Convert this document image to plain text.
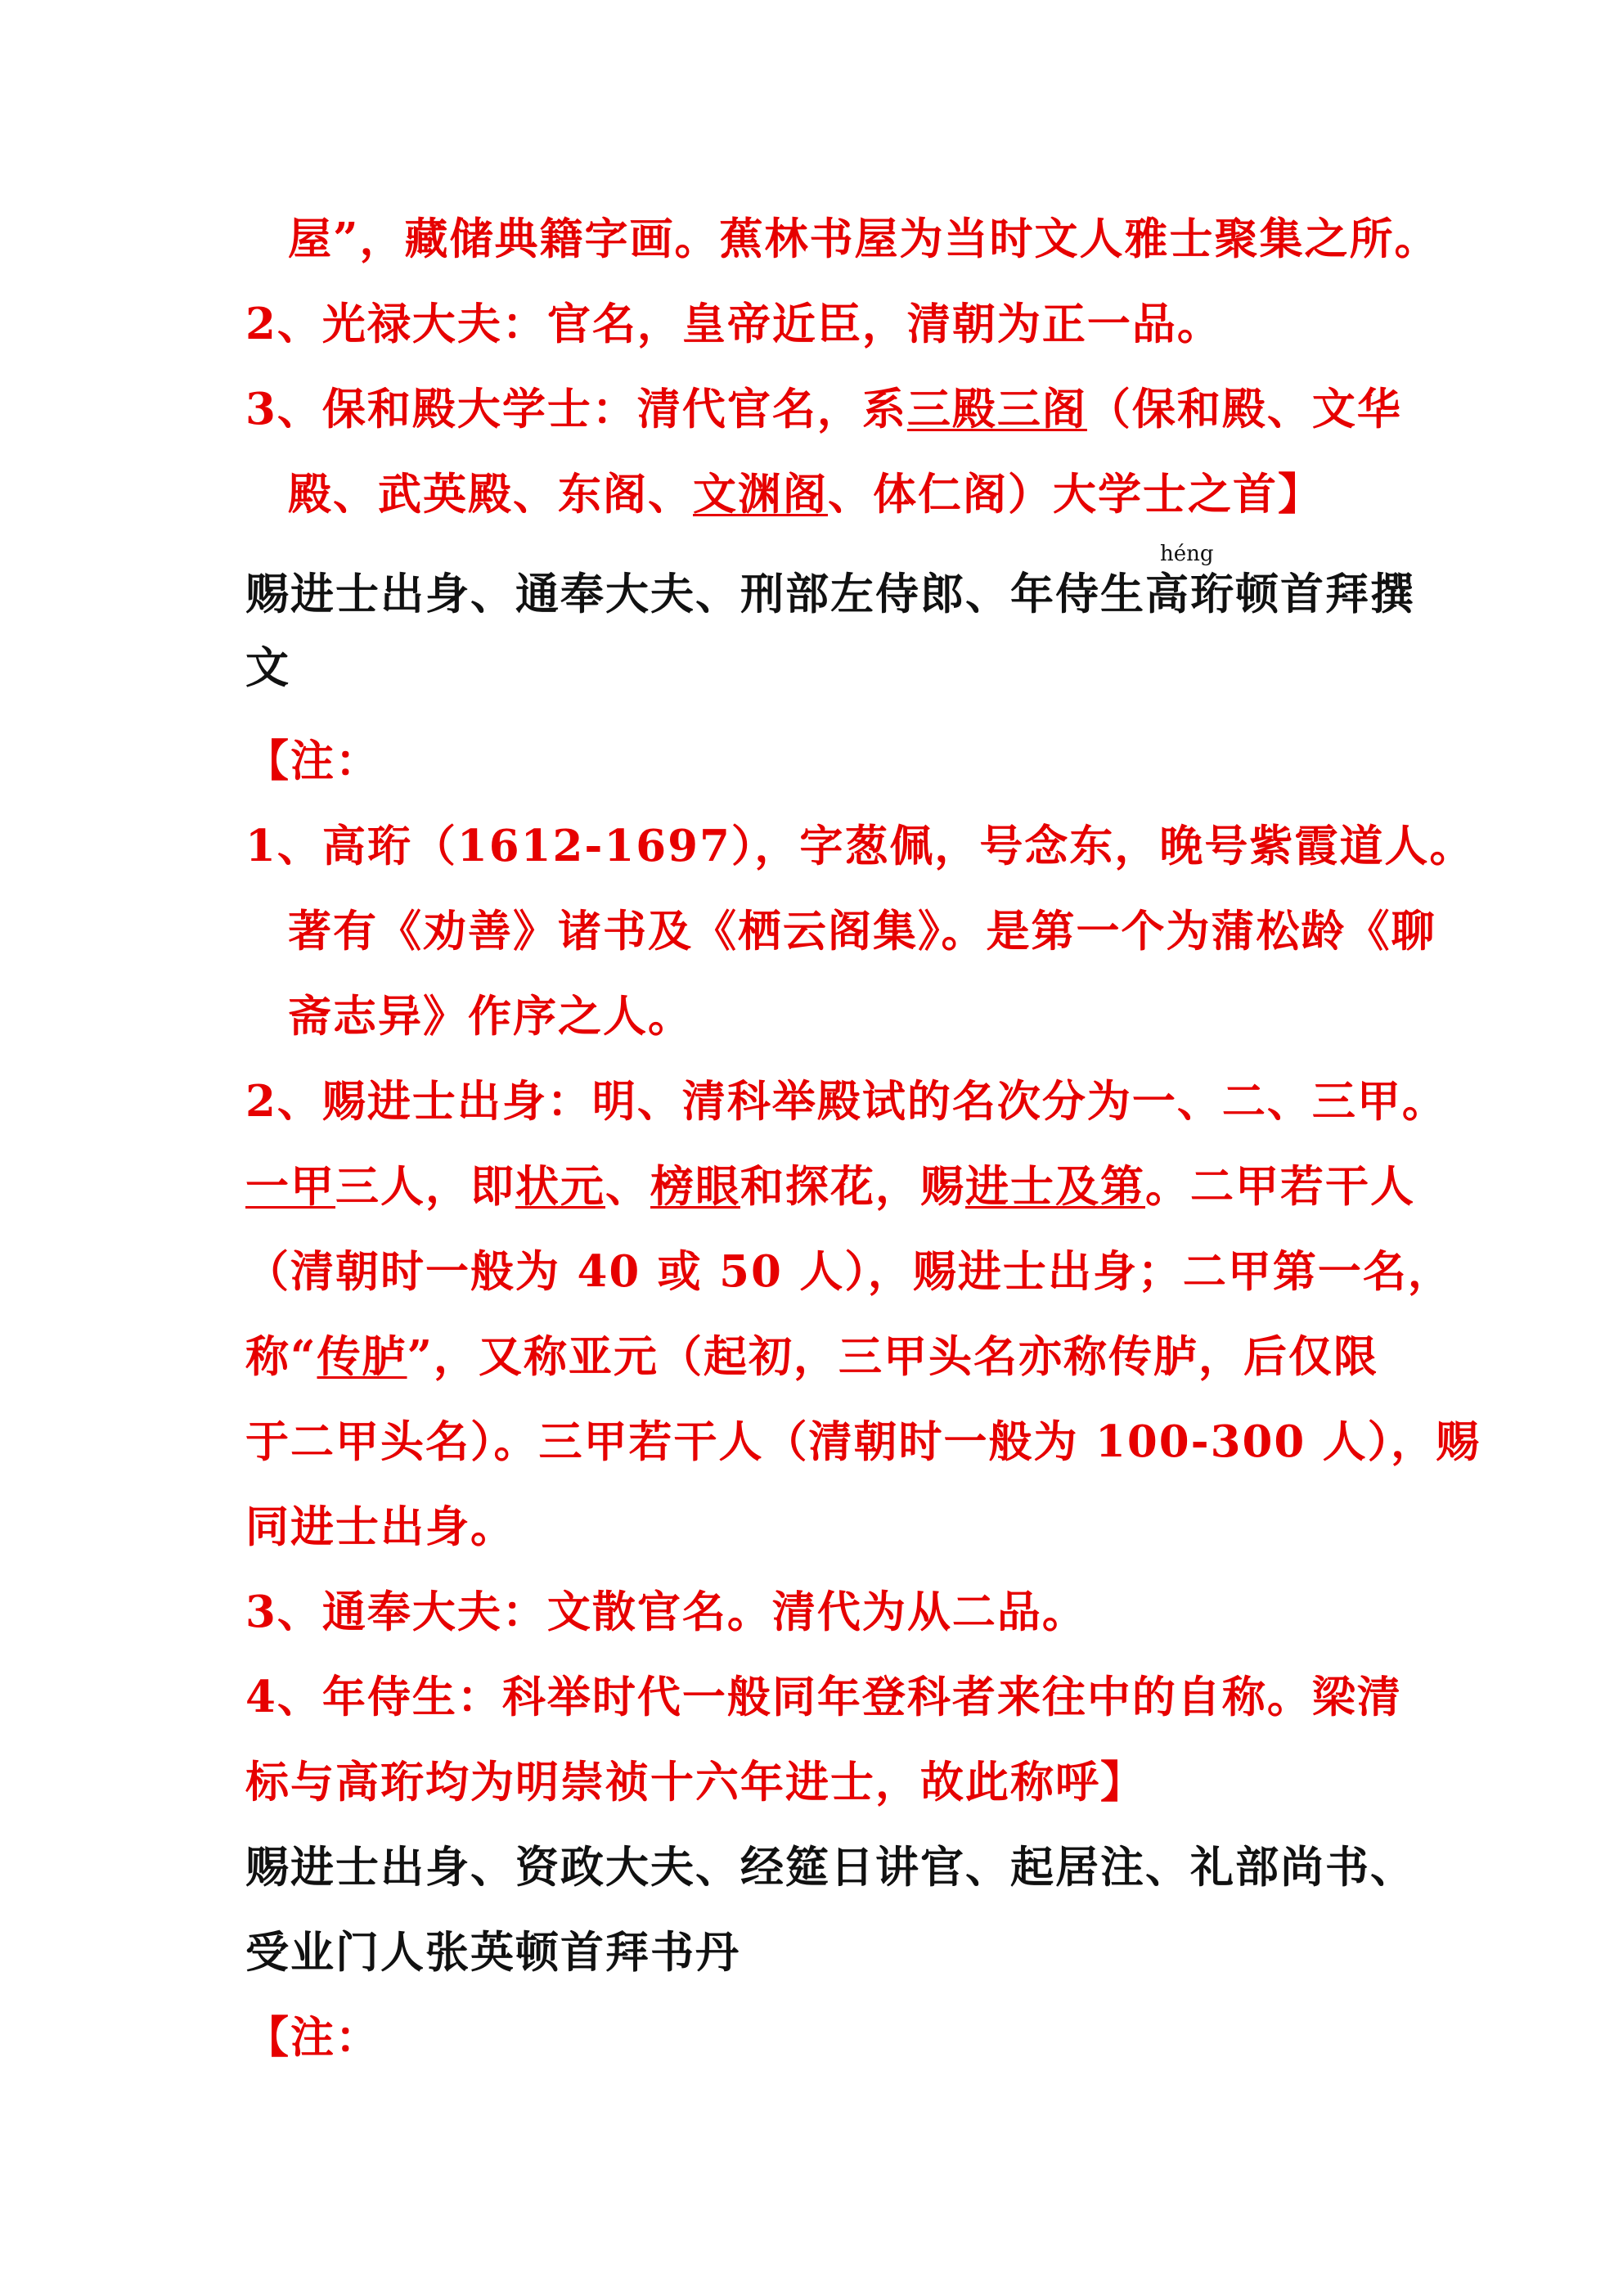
屋”，藏储典籍字画。蕉林书屋为当时文人雅士聚集之所。
2、光禄大夫：官名，皇帝近臣，清朝为正一品。
3、保和殿大学士：清代官名，系三殿三阁（保和殿、文华
殿、武英殿、东阁、文渊阁、体仁阁）大学士之首】
héng
赐进士出身、通奉大夫、刑部左侍郎、年侍生高珩顿首拜撰
文
【注：
1、高珩（1612-1697），字葱佩，号念东，晚号紫霞道人。
著有《劝善》诸书及《栖云阁集》。是第一个为蒲松龄《聊
斋志异》作序之人。
2、赐进士出身：明、清科举殿试的名次分为一、二、三甲。
一甲三人，即状元、榜眼和探花，赐进士及第。二甲若干人
（清朝时一般为 40 或 50 人），赐进士出身；二甲第一名，
称“传胪”，又称亚元（起初，三甲头名亦称传胪，后仅限
于二甲头名）。三甲若干人（清朝时一般为 100-300 人），赐
同进士出身。
3、通奉大夫：文散官名。清代为从二品。
4、年侍生：科举时代一般同年登科者来往中的自称。梁清
标与高珩均为明崇祯十六年进士，故此称呼】
赐进士出身、资政大夫、经筵日讲官、起居注、礼部尚书、
受业门人张英顿首拜书丹
【注：
